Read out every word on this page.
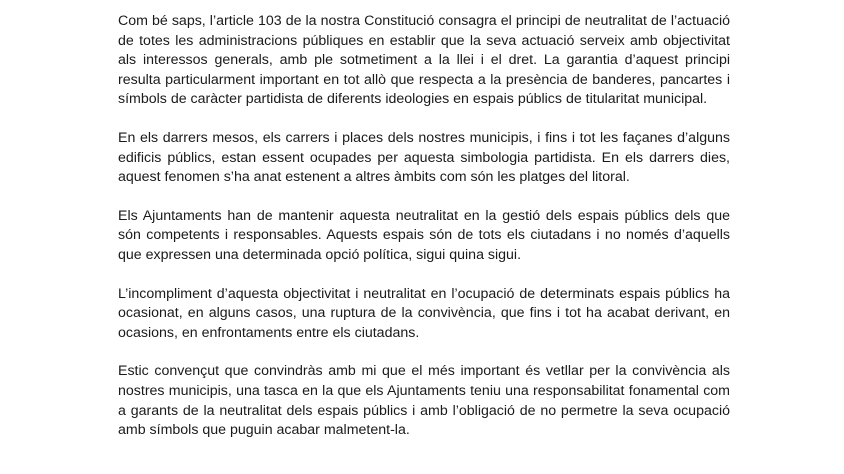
Com bé saps, l’article 103 de la nostra Constitució consagra el principi de neutralitat de l’actuació de totes les administracions públiques en establir que la seva actuació serveix amb objectivitat als interessos generals, amb ple sotmetiment a la llei i el dret. La garantia d’aquest principi resulta particularment important en tot allò que respecta a la presència de banderes, pancartes i símbols de caràcter partidista de diferents ideologies en espais públics de titularitat municipal.

En els darrers mesos, els carrers i places dels nostres municipis, i fins i tot les façanes d’alguns edificis públics, estan essent ocupades per aquesta simbologia partidista. En els darrers dies, aquest fenomen s’ha anat estenent a altres àmbits com són les platges del litoral.

Els Ajuntaments han de mantenir aquesta neutralitat en la gestió dels espais públics dels que són competents i responsables. Aquests espais són de tots els ciutadans i no només d’aquells que expressen una determinada opció política, sigui quina sigui.

L’incompliment d’aquesta objectivitat i neutralitat en l’ocupació de determinats espais públics ha ocasionat, en alguns casos, una ruptura de la convivència, que fins i tot ha acabat derivant, en ocasions, en enfrontaments entre els ciutadans.

Estic convençut que convindràs amb mi que el més important és vetllar per la convivència als nostres municipis, una tasca en la que els Ajuntaments teniu una responsabilitat fonamental com a garants de la neutralitat dels espais públics i amb l’obligació de no permetre la seva ocupació amb símbols que puguin acabar malmetent-la.
